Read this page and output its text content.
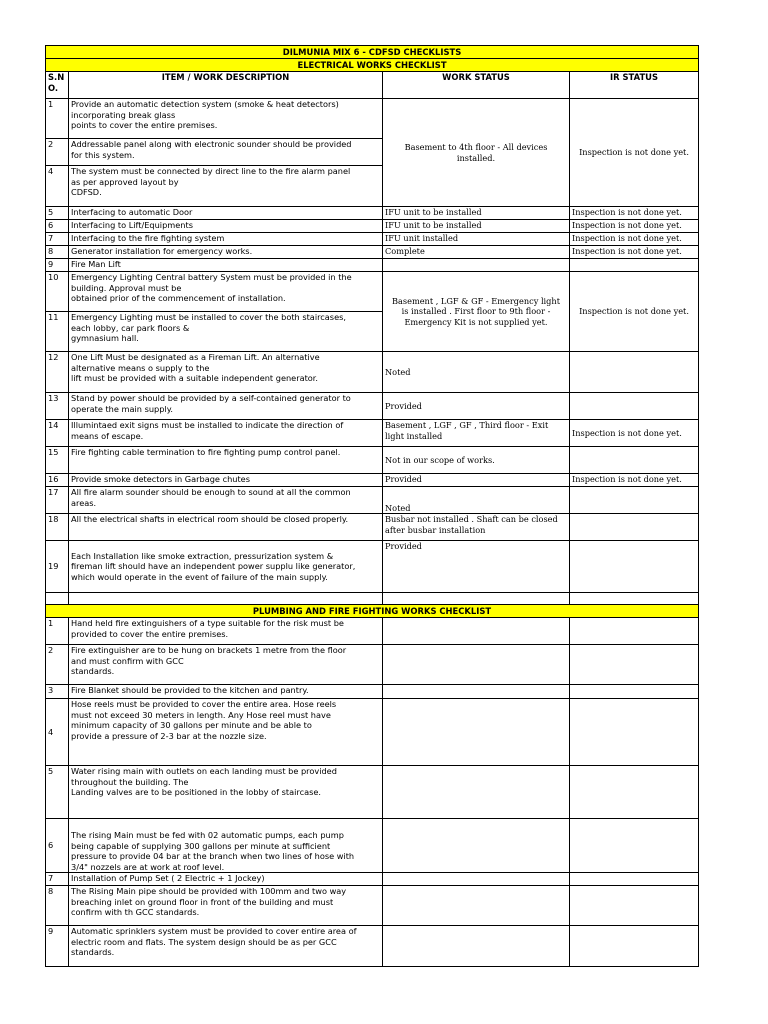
DILMUNIA MIX 6 - CDFSD CHECKLISTS			
ELECTRICAL WORKS CHECKLIST			
S.N
O.	ITEM / WORK DESCRIPTION	WORK STATUS	IR STATUS
1	Provide an automatic detection system (smoke & heat detectors)
incorporating break glass
points to cover the entire premises.	Basement to 4th floor - All devices
installed.	Inspection is not done yet.
2	Addressable panel along with electronic sounder should be provided
for this system.		
4	The system must be connected by direct line to the fire alarm panel
as per approved layout by
CDFSD.		
5	Interfacing to automatic Door	IFU unit to be installed	Inspection is not done yet.
6	Interfacing to Lift/Equipments	IFU unit to be installed	Inspection is not done yet.
7	Interfacing to the fire fighting system	IFU unit installed	Inspection is not done yet.
8	Generator installation for emergency works.	Complete	Inspection is not done yet.
9	Fire Man Lift		
10	Emergency Lighting Central battery System must be provided in the
building. Approval must be
obtained prior of the commencement of installation.	Basement , LGF & GF - Emergency light
is installed . First floor to 9th floor -
Emergency Kit is not supplied yet.	Inspection is not done yet.
11	Emergency Lighting must be installed to cover the both staircases,
each lobby, car park floors &
gymnasium hall.		
12	One Lift Must be designated as a Fireman Lift. An alternative
alternative means o supply to the
lift must be provided with a suitable independent generator.	Noted	
13	Stand by power should be provided by a self-contained generator to
operate the main supply.	Provided	
14	Illumintaed exit signs must be installed to indicate the direction of
means of escape.	Basement , LGF , GF , Third floor - Exit
light installed	Inspection is not done yet.
15	Fire fighting cable termination to fire fighting pump control panel.	Not in our scope of works.	
16	Provide smoke detectors in Garbage chutes	Provided	Inspection is not done yet.
17	All fire alarm sounder should be enough to sound at all the common
areas.	Noted	
18	All the electrical shafts in electrical room should be closed properly.	Busbar not installed . Shaft can be closed
after busbar installation	
19	Each Installation like smoke extraction, pressurization system &
fireman lift should have an independent power supplu like generator,
which would operate in the event of failure of the main supply.	Provided	

PLUMBING AND FIRE FIGHTING WORKS CHECKLIST			
1	Hand held fire extinguishers of a type suitable for the risk must be
provided to cover the entire premises.		
2	Fire extinguisher are to be hung on brackets 1 metre from the floor
and must confirm with GCC
standards.		
3	Fire Blanket should be provided to the kitchen and pantry.		
4	Hose reels must be provided to cover the entire area. Hose reels
must not exceed 30 meters in length. Any Hose reel must have
minimum capacity of 30 gallons per minute and be able to
provide a pressure of 2-3 bar at the nozzle size.		
5	Water rising main with outlets on each landing must be provided
throughout the building. The
Landing valves are to be positioned in the lobby of staircase.		
6	The rising Main must be fed with 02 automatic pumps, each pump
being capable of supplying 300 gallons per minute at sufficient
pressure to provide 04 bar at the branch when two lines of hose with
3/4" nozzels are at work at roof level.		
7	Installation of Pump Set ( 2 Electric + 1 Jockey)		
8	The Rising Main pipe should be provided with 100mm and two way
breaching inlet on ground floor in front of the building and must
confirm with th GCC standards.		
9	Automatic sprinklers system must be provided to cover entire area of
electric room and flats. The system design should be as per GCC
standards.		
